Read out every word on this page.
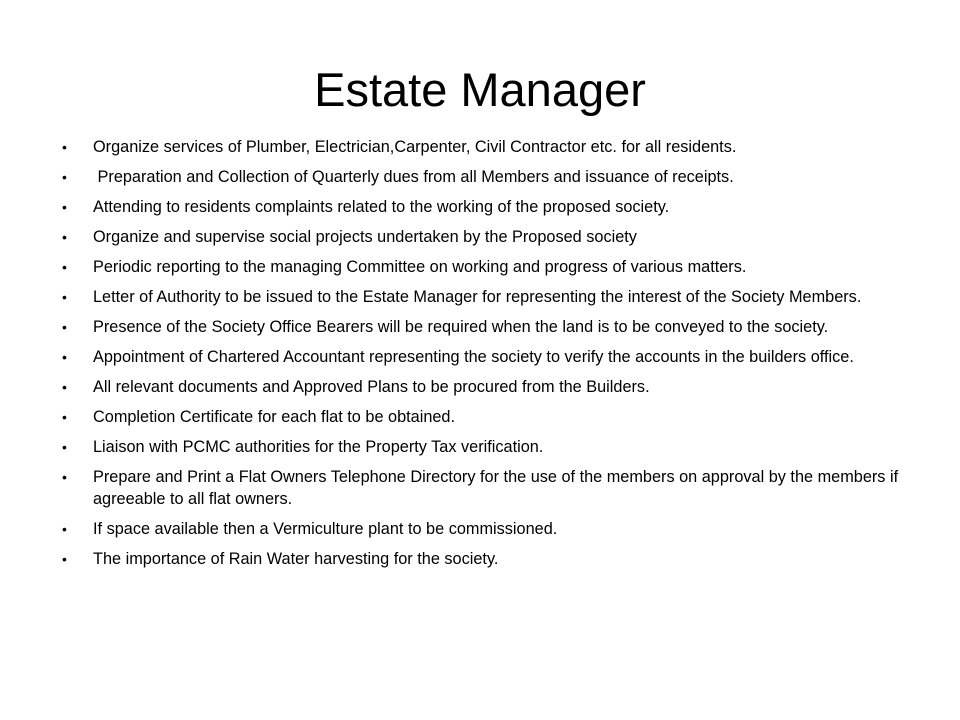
Estate Manager
• Organize services of Plumber, Electrician,Carpenter, Civil Contractor etc. for all residents.
• Preparation and Collection of Quarterly dues from all Members and issuance of receipts.
• Attending to residents complaints related to the working of the proposed society.
• Organize and supervise social projects undertaken by the Proposed society
• Periodic reporting to the managing Committee on working and progress of various matters.
• Letter of Authority to be issued to the Estate Manager for representing the interest of the Society Members.
• Presence of the Society Office Bearers will be required when the land is to be conveyed to the society.
• Appointment of Chartered Accountant representing the society to verify the accounts in the builders office.
• All relevant documents and Approved Plans to be procured from the Builders.
• Completion Certificate for each flat to be obtained.
• Liaison with PCMC authorities for the Property Tax verification.
• Prepare and Print a Flat Owners Telephone Directory for the use of the members on approval by the members if agreeable to all flat owners.
• If space available then a Vermiculture plant to be commissioned.
• The importance of Rain Water harvesting for the society.
